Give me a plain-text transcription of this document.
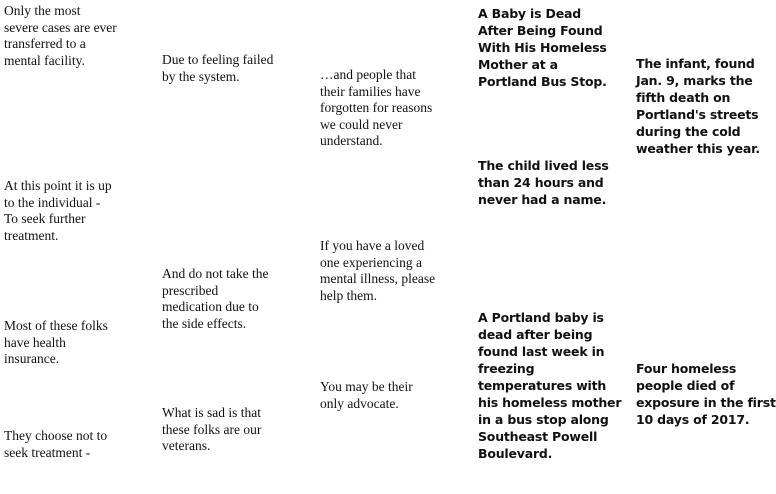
Only the most
severe cases are ever
transferred to a
mental facility.
At this point it is up
to the individual -
To seek further
treatment.
Most of these folks
have health
insurance.
They choose not to
seek treatment -
Due to feeling failed
by the system.
And do not take the
prescribed
medication due to
the side effects.
What is sad is that
these folks are our
veterans.
…and people that
their families have
forgotten for reasons
we could never
understand.
If you have a loved
one experiencing a
mental illness, please
help them.
You may be their
only advocate.
A Baby is Dead
After Being Found
With His Homeless
Mother at a
Portland Bus Stop.
The child lived less
than 24 hours and
never had a name.
A Portland baby is
dead after being
found last week in
freezing
temperatures with
his homeless mother
in a bus stop along
Southeast Powell
Boulevard.
The infant, found
Jan. 9, marks the
fifth death on
Portland's streets
during the cold
weather this year.
Four homeless
people died of
exposure in the first
10 days of 2017.
